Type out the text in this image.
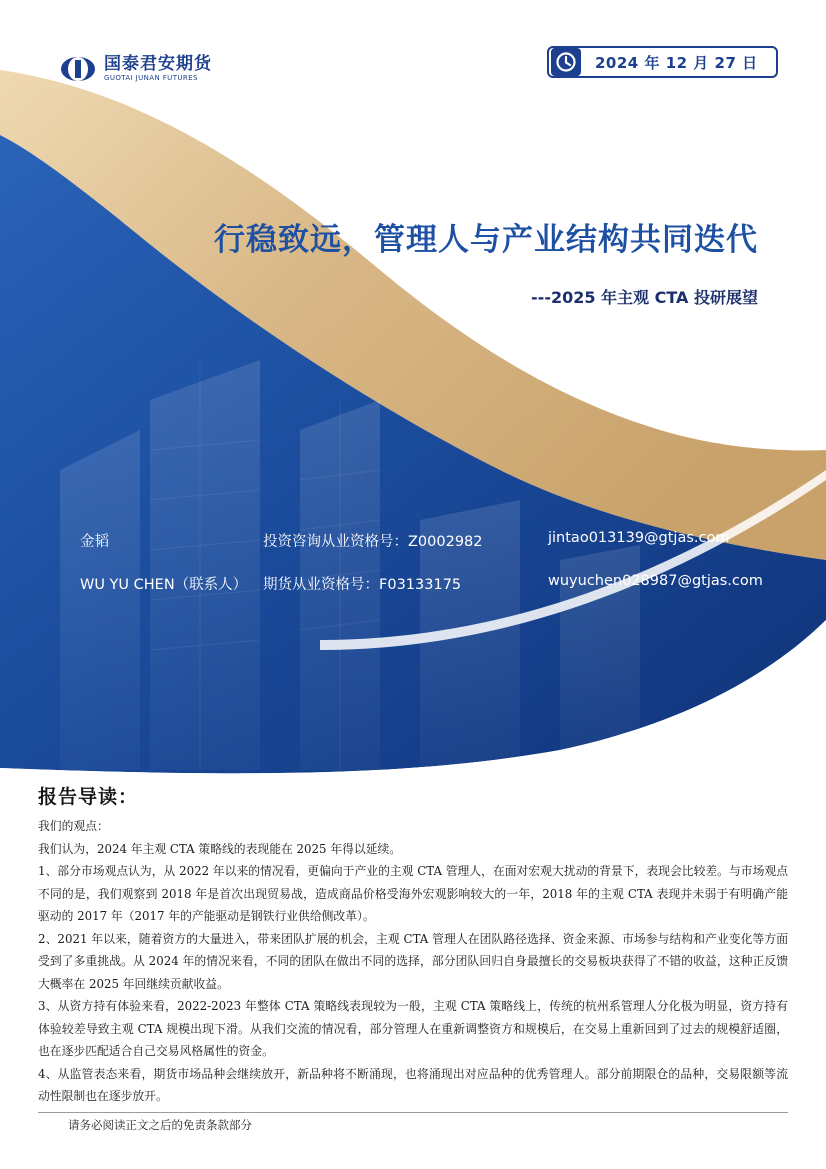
国泰君安期货
GUOTAI JUNAN FUTURES
2024 年 12 月 27 日
行稳致远，管理人与产业结构共同迭代
---2025 年主观 CTA 投研展望
金韬	投资咨询从业资格号：Z0002982	jintao013139@gtjas.com
WU YU CHEN（联系人） 期货从业资格号：F03133175	wuyuchen028987@gtjas.com
报告导读：

我们的观点：

我们认为，2024 年主观 CTA 策略线的表现能在 2025 年得以延续。

1、部分市场观点认为，从 2022 年以来的情况看，更偏向于产业的主观 CTA 管理人，在面对宏观大扰动的背景下，表现会比较差。与市场观点不同的是，我们观察到 2018 年是首次出现贸易战，造成商品价格受海外宏观影响较大的一年，2018 年的主观 CTA 表现并未弱于有明确产能驱动的 2017 年（2017 年的产能驱动是钢铁行业供给侧改革）。

2、2021 年以来，随着资方的大量进入，带来团队扩展的机会，主观 CTA 管理人在团队路径选择、资金来源、市场参与结构和产业变化等方面受到了多重挑战。从 2024 年的情况来看，不同的团队在做出不同的选择，部分团队回归自身最擅长的交易板块获得了不错的收益，这种正反馈大概率在 2025 年回继续贡献收益。

3、从资方持有体验来看，2022-2023 年整体 CTA 策略线表现较为一般，主观 CTA 策略线上，传统的杭州系管理人分化极为明显，资方持有体验较差导致主观 CTA 规模出现下滑。从我们交流的情况看，部分管理人在重新调整资方和规模后，在交易上重新回到了过去的规模舒适圈，也在逐步匹配适合自己交易风格属性的资金。

4、从监管表态来看，期货市场品种会继续放开，新品种将不断涌现，也将涌现出对应品种的优秀管理人。部分前期限仓的品种，交易限额等流动性限制也在逐步放开。

请务必阅读正文之后的免责条款部分
